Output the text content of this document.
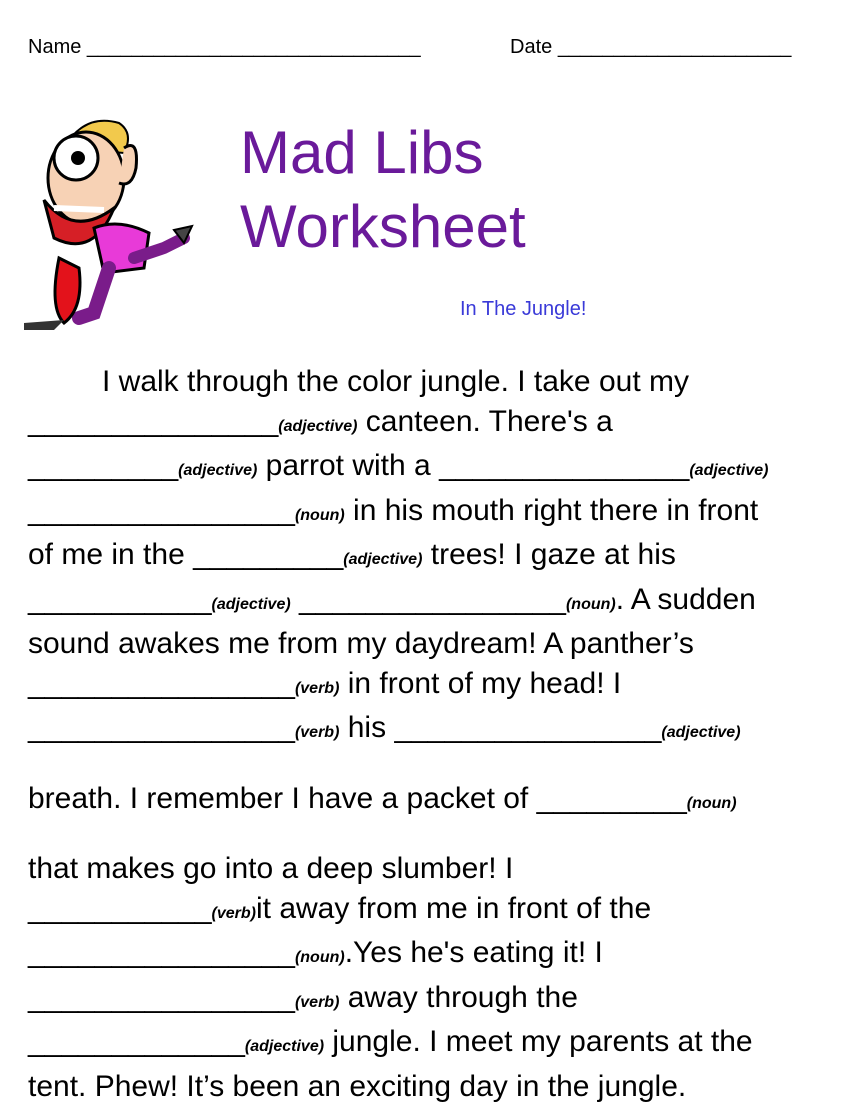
Name ______________________________	Date _____________________
Mad Libs
Worksheet
In The Jungle!

I walk through the color jungle. I take out my

_______________(adjective) canteen. There's a

_________(adjective) parrot with a _______________(adjective)

________________(noun) in his mouth right there in front

of me in the _________(adjective) trees! I gaze at his

___________(adjective) ________________(noun). A sudden

sound awakes me from my daydream! A panther’s

________________(verb) in front of my head! I

________________(verb) his ________________(adjective)

breath. I remember I have a packet of _________(noun)

that makes go into a deep slumber! I

___________(verb)it away from me in front of the

________________(noun).Yes he's eating it! I

________________(verb) away through the

_____________(adjective) jungle. I meet my parents at the

tent. Phew! It’s been an exciting day in the jungle.
